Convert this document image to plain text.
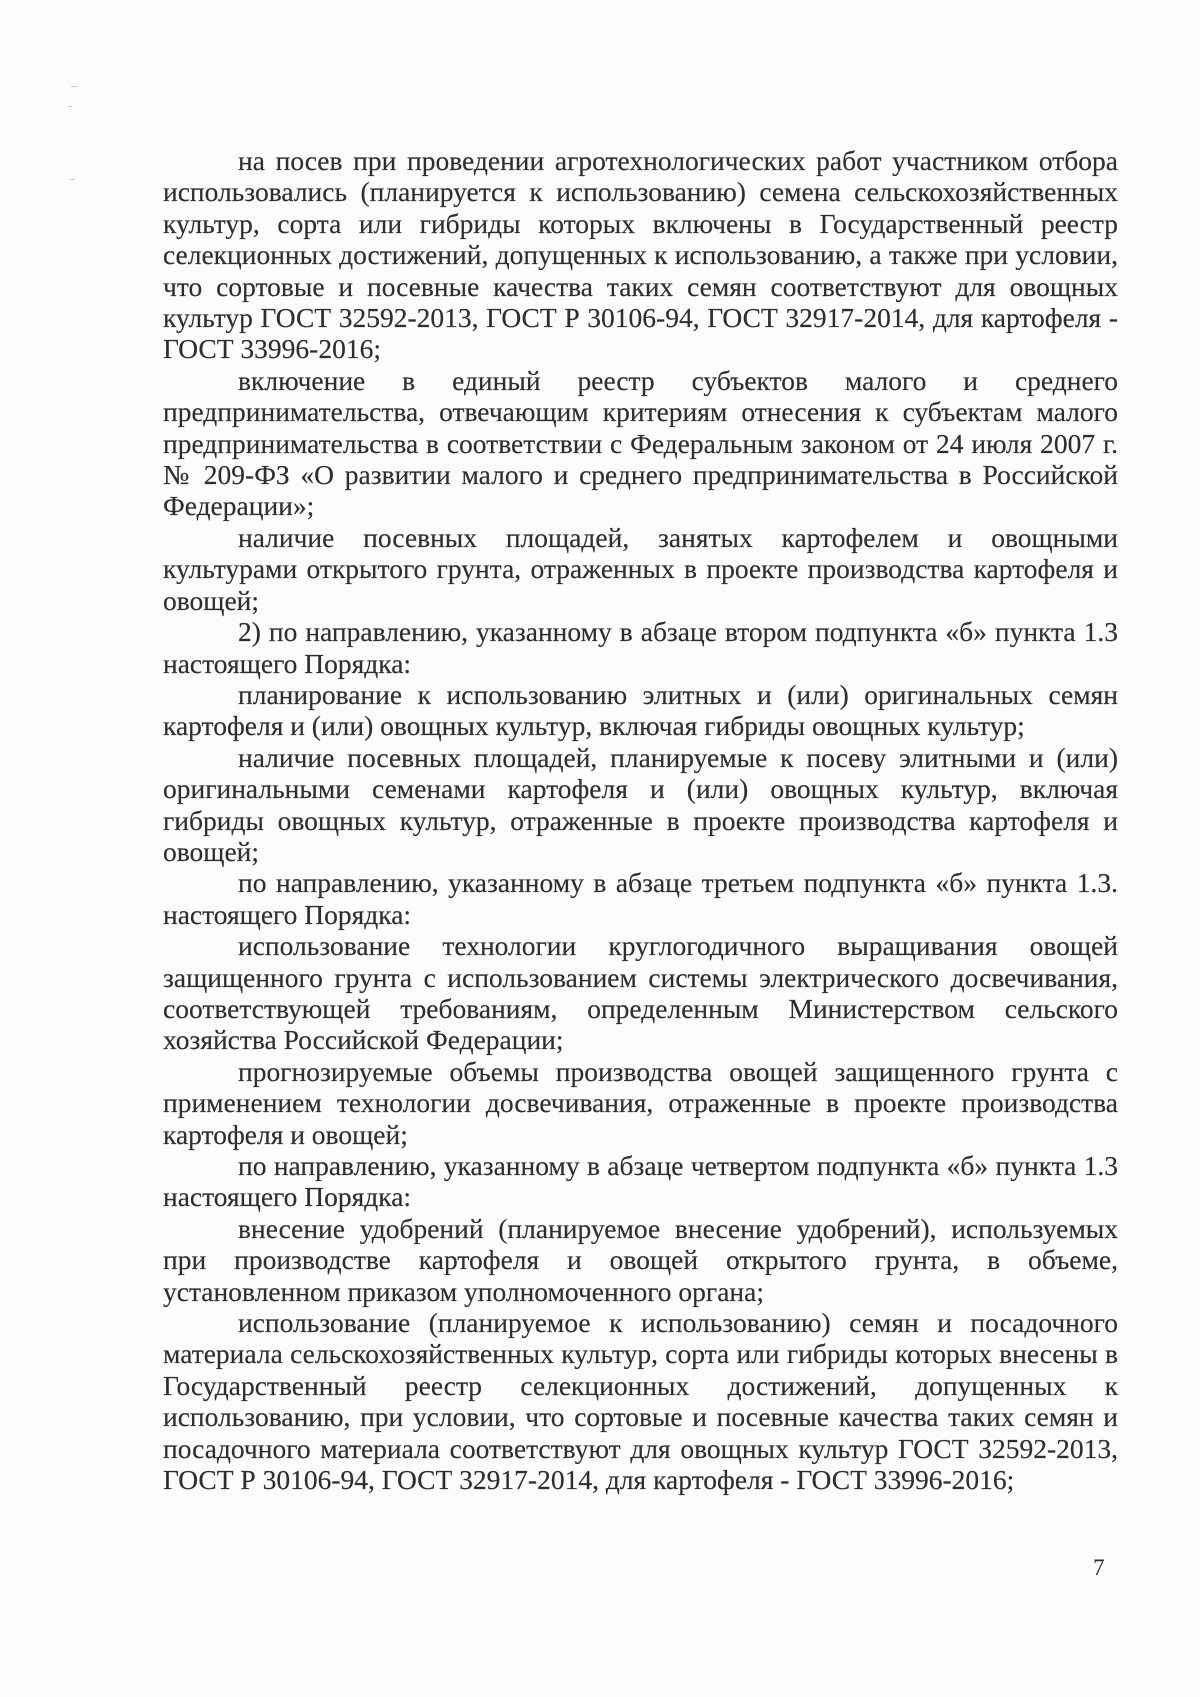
на посев при проведении агротехнологических работ участником отбора использовались (планируется к использованию) семена сельскохозяйственных культур, сорта или гибриды которых включены в Государственный реестр селекционных достижений, допущенных к использованию, а также при условии, что сортовые и посевные качества таких семян соответствуют для овощных культур ГОСТ 32592-2013, ГОСТ Р 30106-94, ГОСТ 32917-2014, для картофеля - ГОСТ 33996-2016;

включение в единый реестр субъектов малого и среднего предпринимательства, отвечающим критериям отнесения к субъектам малого предпринимательства в соответствии с Федеральным законом от 24 июля 2007 г. № 209-ФЗ «О развитии малого и среднего предпринимательства в Российской Федерации»;

наличие посевных площадей, занятых картофелем и овощными культурами открытого грунта, отраженных в проекте производства картофеля и овощей;

2) по направлению, указанному в абзаце втором подпункта «б» пункта 1.3 настоящего Порядка:

планирование к использованию элитных и (или) оригинальных семян картофеля и (или) овощных культур, включая гибриды овощных культур;

наличие посевных площадей, планируемые к посеву элитными и (или) оригинальными семенами картофеля и (или) овощных культур, включая гибриды овощных культур, отраженные в проекте производства картофеля и овощей;

по направлению, указанному в абзаце третьем подпункта «б» пункта 1.3. настоящего Порядка:

использование технологии круглогодичного выращивания овощей защищенного грунта с использованием системы электрического досвечивания, соответствующей требованиям, определенным Министерством сельского хозяйства Российской Федерации;

прогнозируемые объемы производства овощей защищенного грунта с применением технологии досвечивания, отраженные в проекте производства картофеля и овощей;

по направлению, указанному в абзаце четвертом подпункта «б» пункта 1.3 настоящего Порядка:

внесение удобрений (планируемое внесение удобрений), используемых при производстве картофеля и овощей открытого грунта, в объеме, установленном приказом уполномоченного органа;

использование (планируемое к использованию) семян и посадочного материала сельскохозяйственных культур, сорта или гибриды которых внесены в Государственный реестр селекционных достижений, допущенных к использованию, при условии, что сортовые и посевные качества таких семян и посадочного материала соответствуют для овощных культур ГОСТ 32592-2013, ГОСТ Р 30106-94, ГОСТ 32917-2014, для картофеля - ГОСТ 33996-2016;

7
